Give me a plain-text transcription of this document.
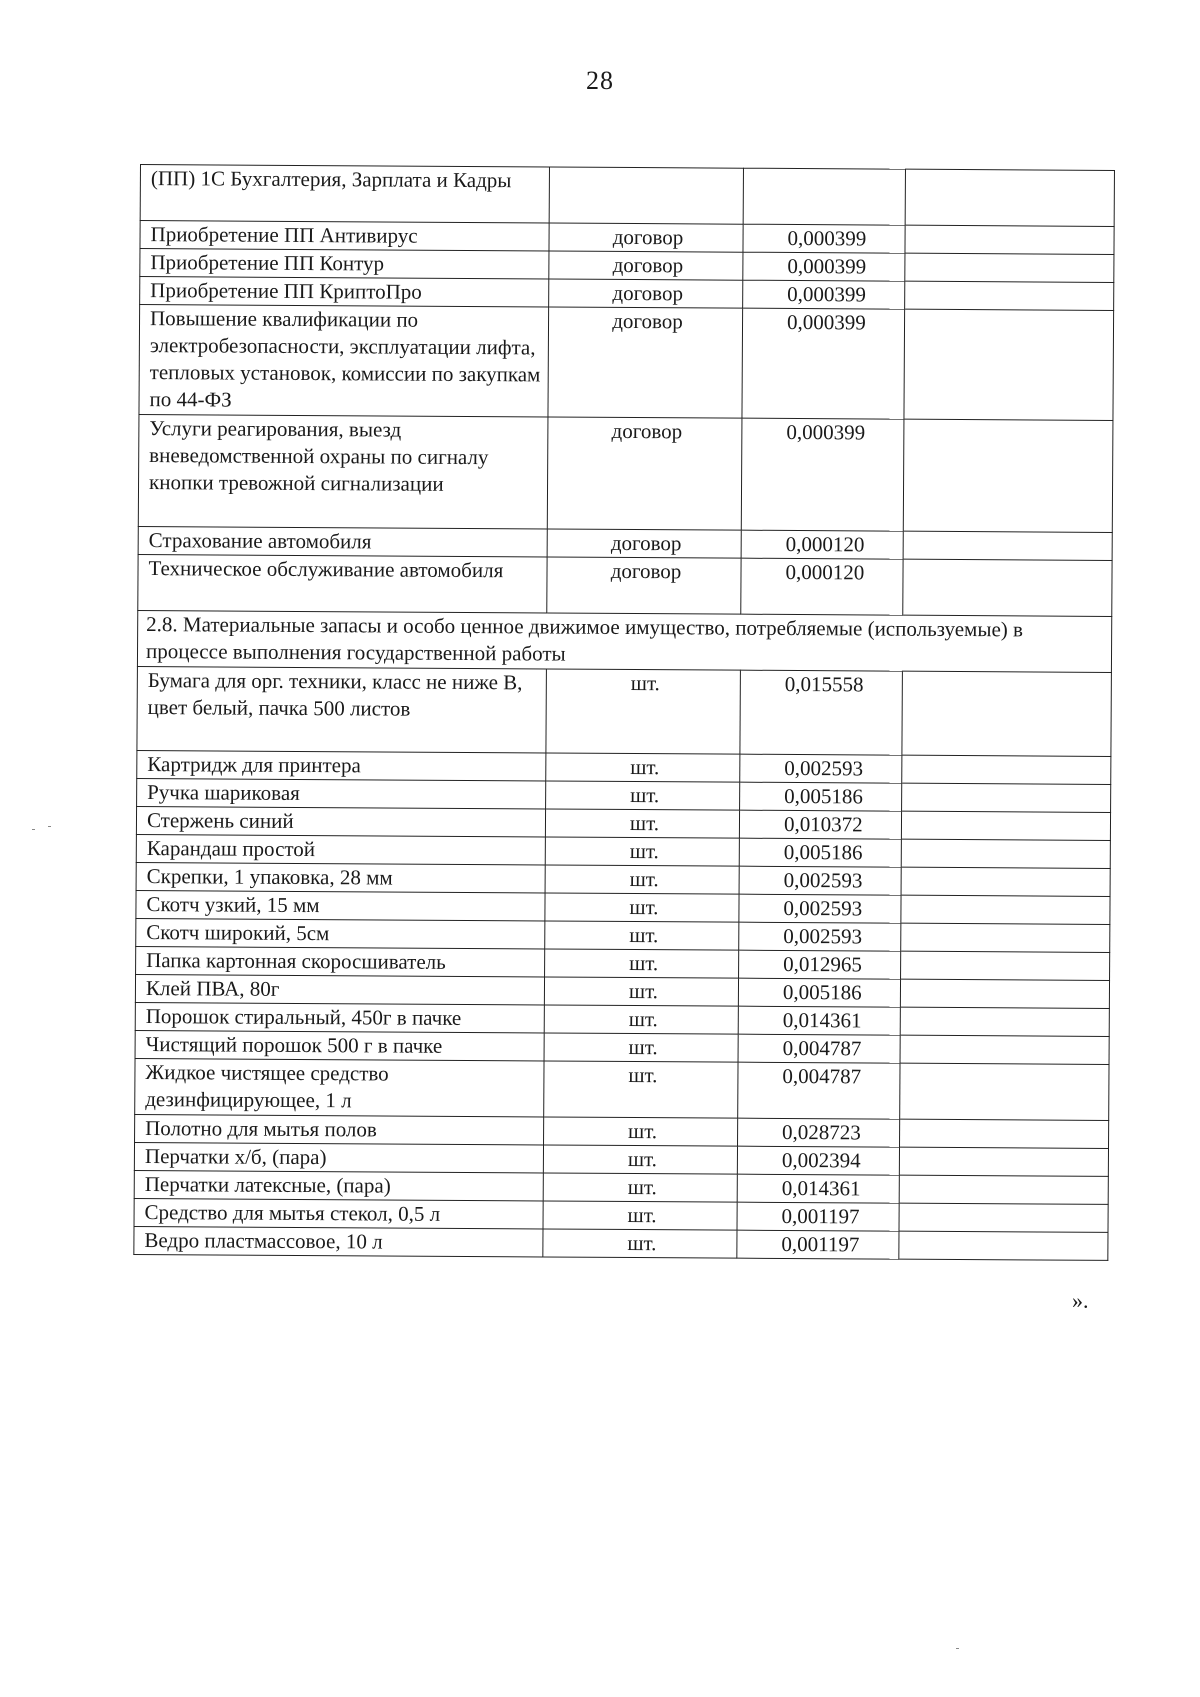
28
(ПП) 1С Бухгалтерия, Зарплата и Кадры			
Приобретение ПП Антивирус	договор	0,000399	
Приобретение ПП Контур	договор	0,000399	
Приобретение ПП КриптоПро	договор	0,000399	
Повышение квалификации по электробезопасности, эксплуатации лифта, тепловых установок, комиссии по закупкам по 44-ФЗ	договор	0,000399	
Услуги реагирования, выезд вневедомственной охраны по сигналу кнопки тревожной сигнализации	договор	0,000399	
Страхование автомобиля	договор	0,000120	
Техническое обслуживание автомобиля	договор	0,000120	
2.8. Материальные запасы и особо ценное движимое имущество, потребляемые (используемые) в процессе выполнения государственной работы			
Бумага для орг. техники, класс не ниже B, цвет белый, пачка 500 листов	шт.	0,015558	
Картридж для принтера	шт.	0,002593	
Ручка шариковая	шт.	0,005186	
Стержень синий	шт.	0,010372	
Карандаш простой	шт.	0,005186	
Скрепки, 1 упаковка, 28 мм	шт.	0,002593	
Скотч узкий, 15 мм	шт.	0,002593	
Скотч широкий, 5см	шт.	0,002593	
Папка картонная скоросшиватель	шт.	0,012965	
Клей ПВА, 80г	шт.	0,005186	
Порошок стиральный, 450г в пачке	шт.	0,014361	
Чистящий порошок 500 г в пачке	шт.	0,004787	
Жидкое чистящее средство дезинфицирующее, 1 л	шт.	0,004787	
Полотно для мытья полов	шт.	0,028723	
Перчатки х/б, (пара)	шт.	0,002394	
Перчатки латексные, (пара)	шт.	0,014361	
Средство для мытья стекол, 0,5 л	шт.	0,001197	
Ведро пластмассовое, 10 л	шт.	0,001197	
».
